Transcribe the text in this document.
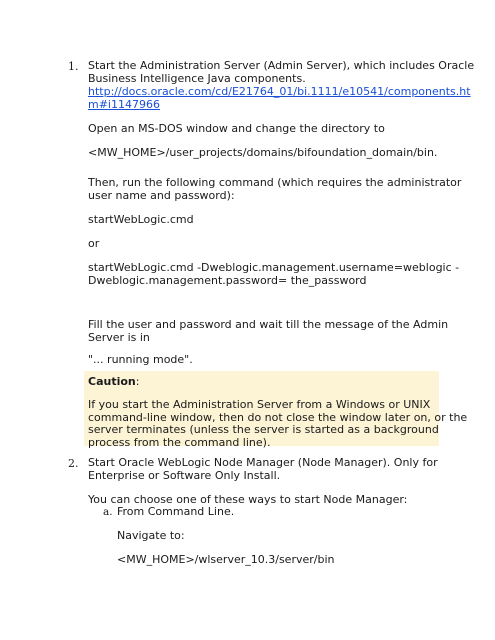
1. Start the Administration Server (Admin Server), which includes Oracle
Business Intelligence Java components.
http://docs.oracle.com/cd/E21764_01/bi.1111/e10541/components.ht
m#i1147966
Open an MS-DOS window and change the directory to
<MW_HOME>/user_projects/domains/bifoundation_domain/bin.
Then, run the following command (which requires the administrator
user name and password):
startWebLogic.cmd
or
startWebLogic.cmd -Dweblogic.management.username=weblogic -
Dweblogic.management.password= the_password
Fill the user and password and wait till the message of the Admin
Server is in
"... running mode".
Caution:
If you start the Administration Server from a Windows or UNIX
command-line window, then do not close the window later on, or the
server terminates (unless the server is started as a background
process from the command line).
2. Start Oracle WebLogic Node Manager (Node Manager). Only for
Enterprise or Software Only Install.
You can choose one of these ways to start Node Manager:
a. From Command Line.
Navigate to:
<MW_HOME>/wlserver_10.3/server/bin
